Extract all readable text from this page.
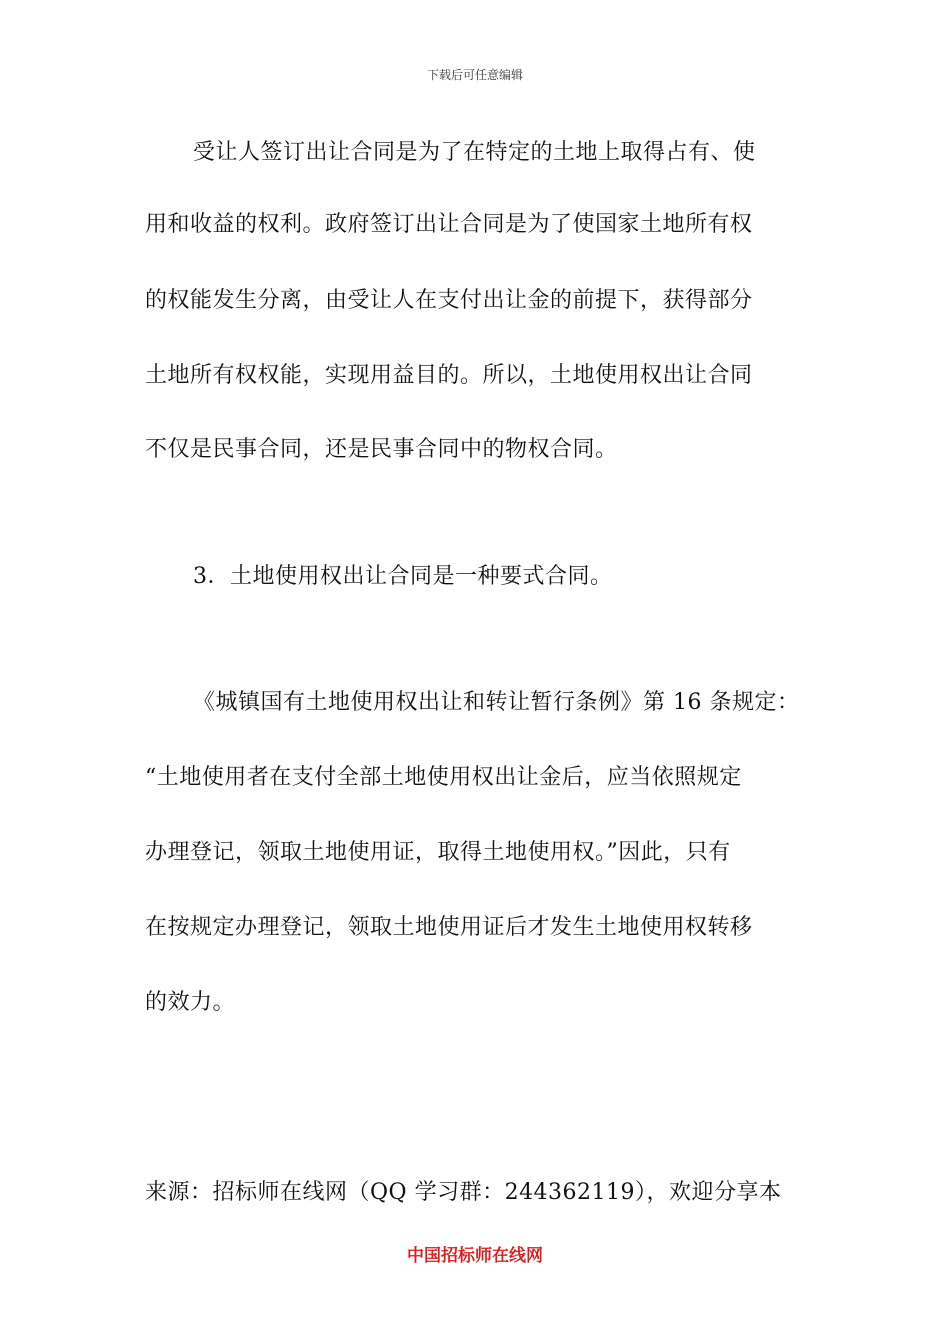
下载后可任意编辑
受让人签订出让合同是为了在特定的土地上取得占有、使
用和收益的权利。政府签订出让合同是为了使国家土地所有权
的权能发生分离，由受让人在支付出让金的前提下，获得部分
土地所有权权能，实现用益目的。所以，土地使用权出让合同
不仅是民事合同，还是民事合同中的物权合同。
3．土地使用权出让合同是一种要式合同。
《城镇国有土地使用权出让和转让暂行条例》第 16 条规定：
“土地使用者在支付全部土地使用权出让金后，应当依照规定
办理登记，领取土地使用证，取得土地使用权。”因此，只有
在按规定办理登记，领取土地使用证后才发生土地使用权转移
的效力。
来源：招标师在线网（QQ 学习群：244362119），欢迎分享本
中国招标师在线网
